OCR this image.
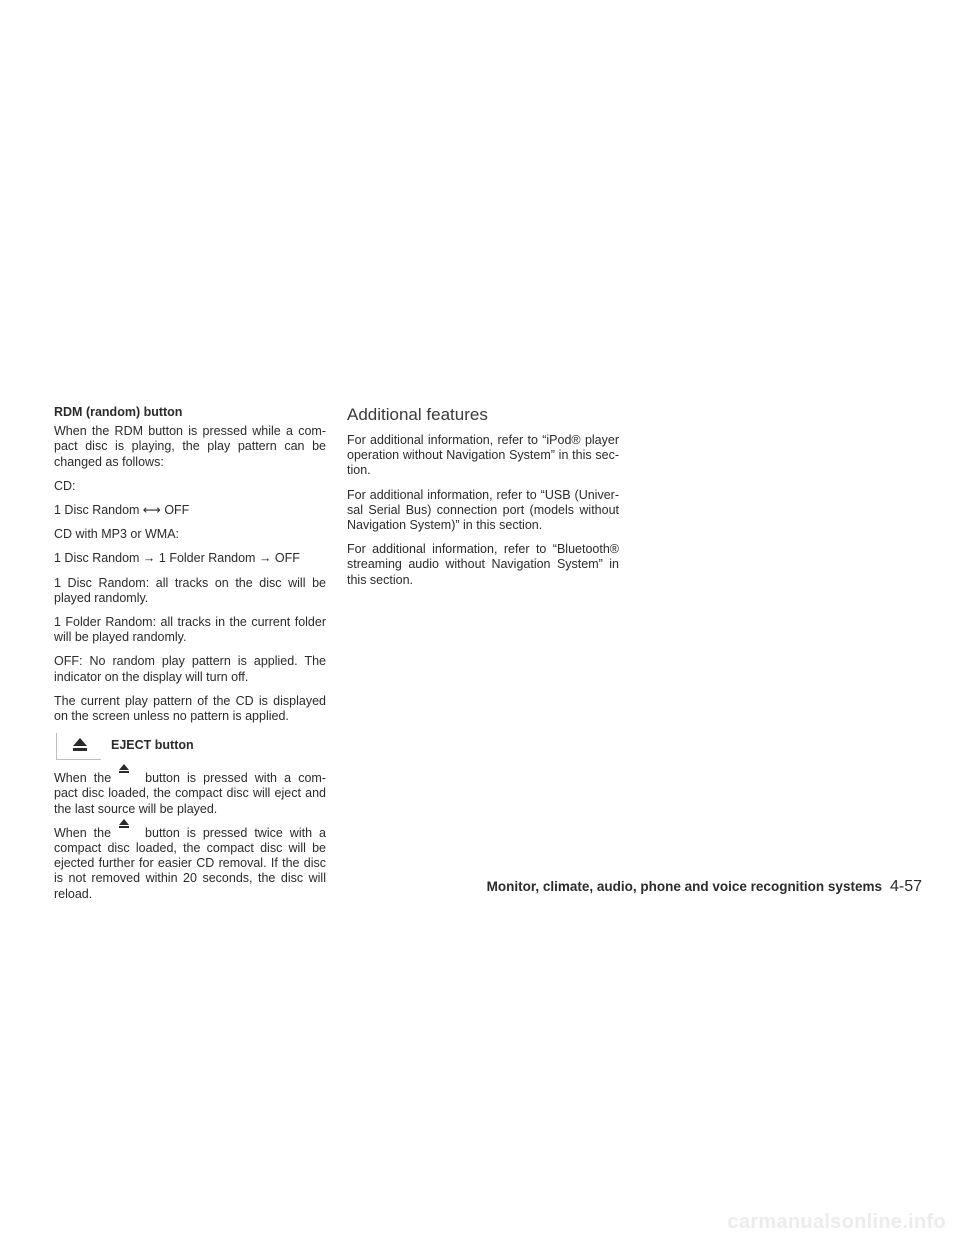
RDM (random) button

When the RDM button is pressed while a com-pact disc is playing, the play pattern can be changed as follows:

CD:

1 Disc Random ⟷ OFF

CD with MP3 or WMA:

1 Disc Random → 1 Folder Random → OFF

1 Disc Random: all tracks on the disc will be played randomly.

1 Folder Random: all tracks in the current folder will be played randomly.

OFF: No random play pattern is applied. The indicator on the display will turn off.

The current play pattern of the CD is displayed on the screen unless no pattern is applied.

EJECT button

When the	button is pressed with a com-pact disc loaded, the compact disc will eject and the last source will be played.

When the	button is pressed twice with a compact disc loaded, the compact disc will be ejected further for easier CD removal. If the disc is not removed within 20 seconds, the disc will reload.

Additional features

For additional information, refer to “iPod® player operation without Navigation System” in this sec-tion.

For additional information, refer to “USB (Univer-sal Serial Bus) connection port (models without Navigation System)” in this section.

For additional information, refer to “Bluetooth® streaming audio without Navigation System” in this section.

Monitor, climate, audio, phone and voice recognition systems 4-57
carmanualsonline.info
